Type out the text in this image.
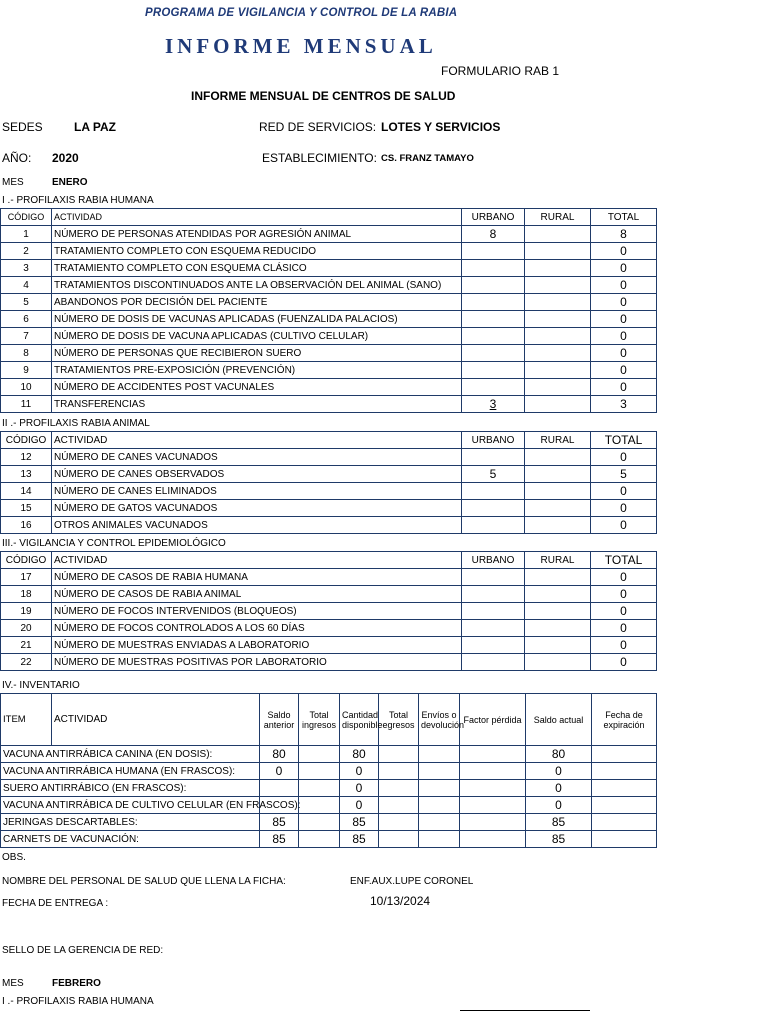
PROGRAMA DE VIGILANCIA Y CONTROL DE LA RABIA
INFORME MENSUAL
FORMULARIO RAB 1
INFORME MENSUAL DE CENTROS DE SALUD
SEDES	LA PAZ	RED DE SERVICIOS: LOTES Y SERVICIOS
AÑO: 2020	ESTABLECIMIENTO: CS. FRANZ TAMAYO
MES	ENERO
I .- PROFILAXIS RABIA HUMANA
CÓDIGO	ACTIVIDAD	URBANO	RURAL	TOTAL
1	NÚMERO DE PERSONAS ATENDIDAS POR AGRESIÓN ANIMAL	8		8
2	TRATAMIENTO COMPLETO CON ESQUEMA REDUCIDO			0
3	TRATAMIENTO COMPLETO CON ESQUEMA CLÁSICO			0
4	TRATAMIENTOS DISCONTINUADOS ANTE LA OBSERVACIÓN DEL ANIMAL (SANO)			0
5	ABANDONOS POR DECISIÓN DEL PACIENTE			0
6	NÚMERO DE DOSIS DE VACUNAS APLICADAS (FUENZALIDA PALACIOS)			0
7	NÚMERO DE DOSIS DE VACUNA APLICADAS (CULTIVO CELULAR)			0
8	NÚMERO DE PERSONAS QUE RECIBIERON SUERO			0
9	TRATAMIENTOS PRE-EXPOSICIÓN (PREVENCIÓN)			0
10	NÚMERO DE ACCIDENTES POST VACUNALES			0
11	TRANSFERENCIAS	3		3
II .- PROFILAXIS RABIA ANIMAL
CÓDIGO	ACTIVIDAD	URBANO	RURAL	TOTAL
12	NÚMERO DE CANES VACUNADOS			0
13	NÚMERO DE CANES OBSERVADOS	5		5
14	NÚMERO DE CANES ELIMINADOS			0
15	NÚMERO DE GATOS VACUNADOS			0
16	OTROS ANIMALES VACUNADOS			0
III.- VIGILANCIA Y CONTROL EPIDEMIOLÓGICO
CÓDIGO	ACTIVIDAD	URBANO	RURAL	TOTAL
17	NÚMERO DE CASOS DE RABIA HUMANA			0
18	NÚMERO DE CASOS DE RABIA ANIMAL			0
19	NÚMERO DE FOCOS INTERVENIDOS (BLOQUEOS)			0
20	NÚMERO DE FOCOS CONTROLADOS A LOS 60 DÍAS			0
21	NÚMERO DE MUESTRAS ENVIADAS A LABORATORIO			0
22	NÚMERO DE MUESTRAS POSITIVAS POR LABORATORIO			0
IV.- INVENTARIO
ITEM	ACTIVIDAD	Saldo anterior	Total ingresos	Cantidad disponible	Total egresos	Envíos o devolución	Factor pérdida	Saldo actual	Fecha de expiración
VACUNA ANTIRRÁBICA CANINA (EN DOSIS):		80		80				80	
VACUNA ANTIRRÁBICA HUMANA (EN FRASCOS):		0		0				0	
SUERO ANTIRRÁBICO (EN FRASCOS):				0				0	
VACUNA ANTIRRÁBICA DE CULTIVO CELULAR (EN FRASCOS):				0				0	
JERINGAS DESCARTABLES:		85		85				85	
CARNETS DE VACUNACIÓN:		85		85				85	
OBS.
NOMBRE DEL PERSONAL DE SALUD QUE LLENA LA FICHA:	ENF.AUX.LUPE CORONEL
FECHA DE ENTREGA :	10/13/2024
SELLO DE LA GERENCIA DE RED:
MES	FEBRERO
I .- PROFILAXIS RABIA HUMANA
